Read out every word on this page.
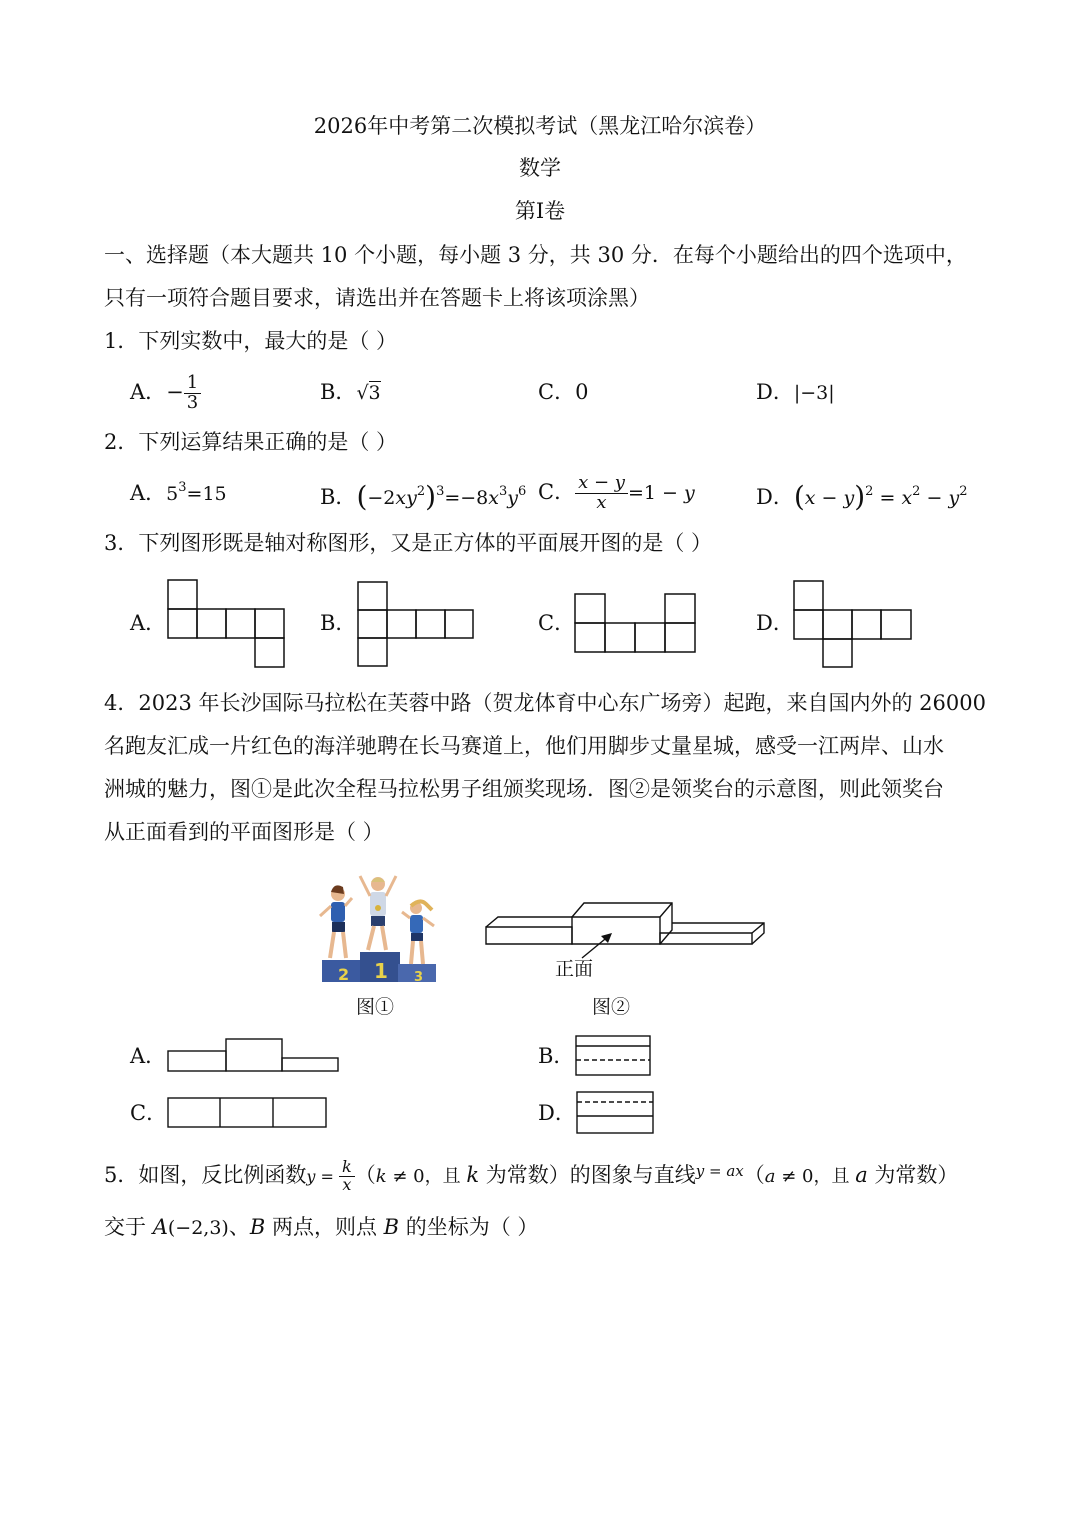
2026年中考第二次模拟考试（黑龙江哈尔滨卷）
数学
第Ⅰ卷
一、选择题（本大题共 10 个小题，每小题 3 分，共 30 分．在每个小题给出的四个选项中，
只有一项符合题目要求，请选出并在答题卡上将该项涂黑）
1．下列实数中，最大的是（ ）
A．− $\frac{1}{3}$	B．√3	C．0	D．|−3|
2．下列运算结果正确的是（ ）
A．$5^3=15$	B．$(-2xy^2)^3=-8x^3y^6$ C． $\frac{x - y}{x} =1 - y$	D．$(x - y)^2 = x^2 - y^2$
3．下列图形既是轴对称图形，又是正方体的平面展开图的是（ ）
A．	B．	C．	D．
4．2023 年长沙国际马拉松在芙蓉中路（贺龙体育中心东广场旁）起跑，来自国内外的 26000
名跑友汇成一片红色的海洋驰聘在长马赛道上，他们用脚步丈量星城，感受一江两岸、山水
洲城的魅力，图①是此次全程马拉松男子组颁奖现场．图②是领奖台的示意图，则此领奖台
从正面看到的平面图形是（ ）
2 1 3	正面
图①	图②
A．	B．
C．	D．
5．如图，反比例函数$y = \frac{k}{x} (k \ne 0$，且 k 为常数）的图象与直线$^y$ = $^{ax}$（a ≠ 0，且 a 为常数）
交于 A(−2,3)、B 两点，则点 B 的坐标为（ ）
